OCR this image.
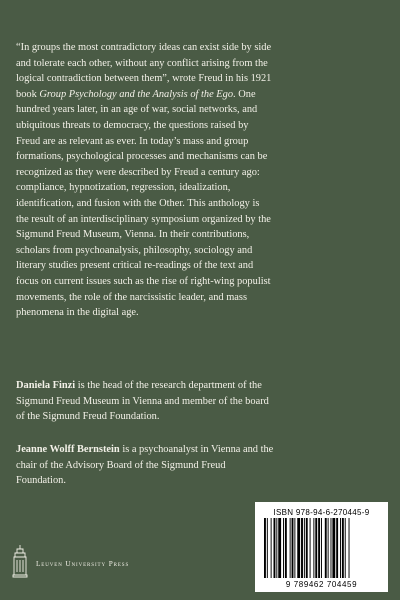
“In groups the most contradictory ideas can exist side by side and tolerate each other, without any conflict arising from the logical contradiction between them”, wrote Freud in his 1921 book Group Psychology and the Analysis of the Ego. One hundred years later, in an age of war, social networks, and ubiquitous threats to democracy, the questions raised by Freud are as relevant as ever. In today’s mass and group formations, psychological processes and mechanisms can be recognized as they were described by Freud a century ago: compliance, hypnotization, regression, idealization, identification, and fusion with the Other. This anthology is the result of an interdisciplinary symposium organized by the Sigmund Freud Museum, Vienna. In their contributions, scholars from psychoanalysis, philosophy, sociology and literary studies present critical re-readings of the text and focus on current issues such as the rise of right-wing populist movements, the role of the narcissistic leader, and mass phenomena in the digital age.

Daniela Finzi is the head of the research department of the Sigmund Freud Museum in Vienna and member of the board of the Sigmund Freud Foundation.

Jeanne Wolff Bernstein is a psychoanalyst in Vienna and the chair of the Advisory Board of the Sigmund Freud Foundation.

ISBN 978-94-6-270445-9
9 789462 704459
Leuven University Press
